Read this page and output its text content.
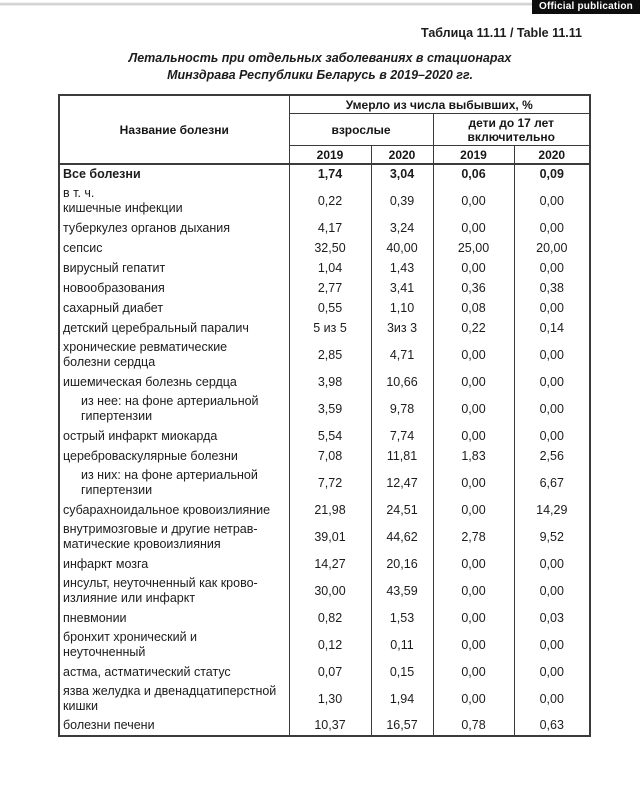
Official publication
Таблица 11.11 / Table 11.11
Летальность при отдельных заболеваниях в стационарах
Минздрава Республики Беларусь в 2019–2020 гг.
Название болезни	Умерло из числа выбывших, %			
	взрослые		дети до 17 лет включительно	
	2019	2020	2019	2020

Все болезни	1,74	3,04	0,06	0,09

в т. ч.
кишечные инфекции	0,22	0,39	0,00	0,00

туберкулез органов дыхания	4,17	3,24	0,00	0,00

сепсис	32,50	40,00	25,00	20,00

вирусный гепатит	1,04	1,43	0,00	0,00

новообразования	2,77	3,41	0,36	0,38

сахарный диабет	0,55	1,10	0,08	0,00

детский церебральный паралич	5 из 5	3из 3	0,22	0,14

хронические ревматические
болезни сердца	2,85	4,71	0,00	0,00

ишемическая болезнь сердца	3,98	10,66	0,00	0,00

из нее: на фоне артериальной
гипертензии	3,59	9,78	0,00	0,00

острый инфаркт миокарда	5,54	7,74	0,00	0,00

цереброваскулярные болезни	7,08	11,81	1,83	2,56

из них: на фоне артериальной
гипертензии	7,72	12,47	0,00	6,67

субарахноидальное кровоизлияние	21,98	24,51	0,00	14,29

внутримозговые и другие нетрав-
матические кровоизлияния	39,01	44,62	2,78	9,52

инфаркт мозга	14,27	20,16	0,00	0,00

инсульт, неуточненный как крово-
излияние или инфаркт	30,00	43,59	0,00	0,00

пневмонии	0,82	1,53	0,00	0,03

бронхит хронический и
неуточненный	0,12	0,11	0,00	0,00

астма, астматический статус	0,07	0,15	0,00	0,00

язва желудка и двенадцатиперстной
кишки	1,30	1,94	0,00	0,00

болезни печени	10,37	16,57	0,78	0,63
